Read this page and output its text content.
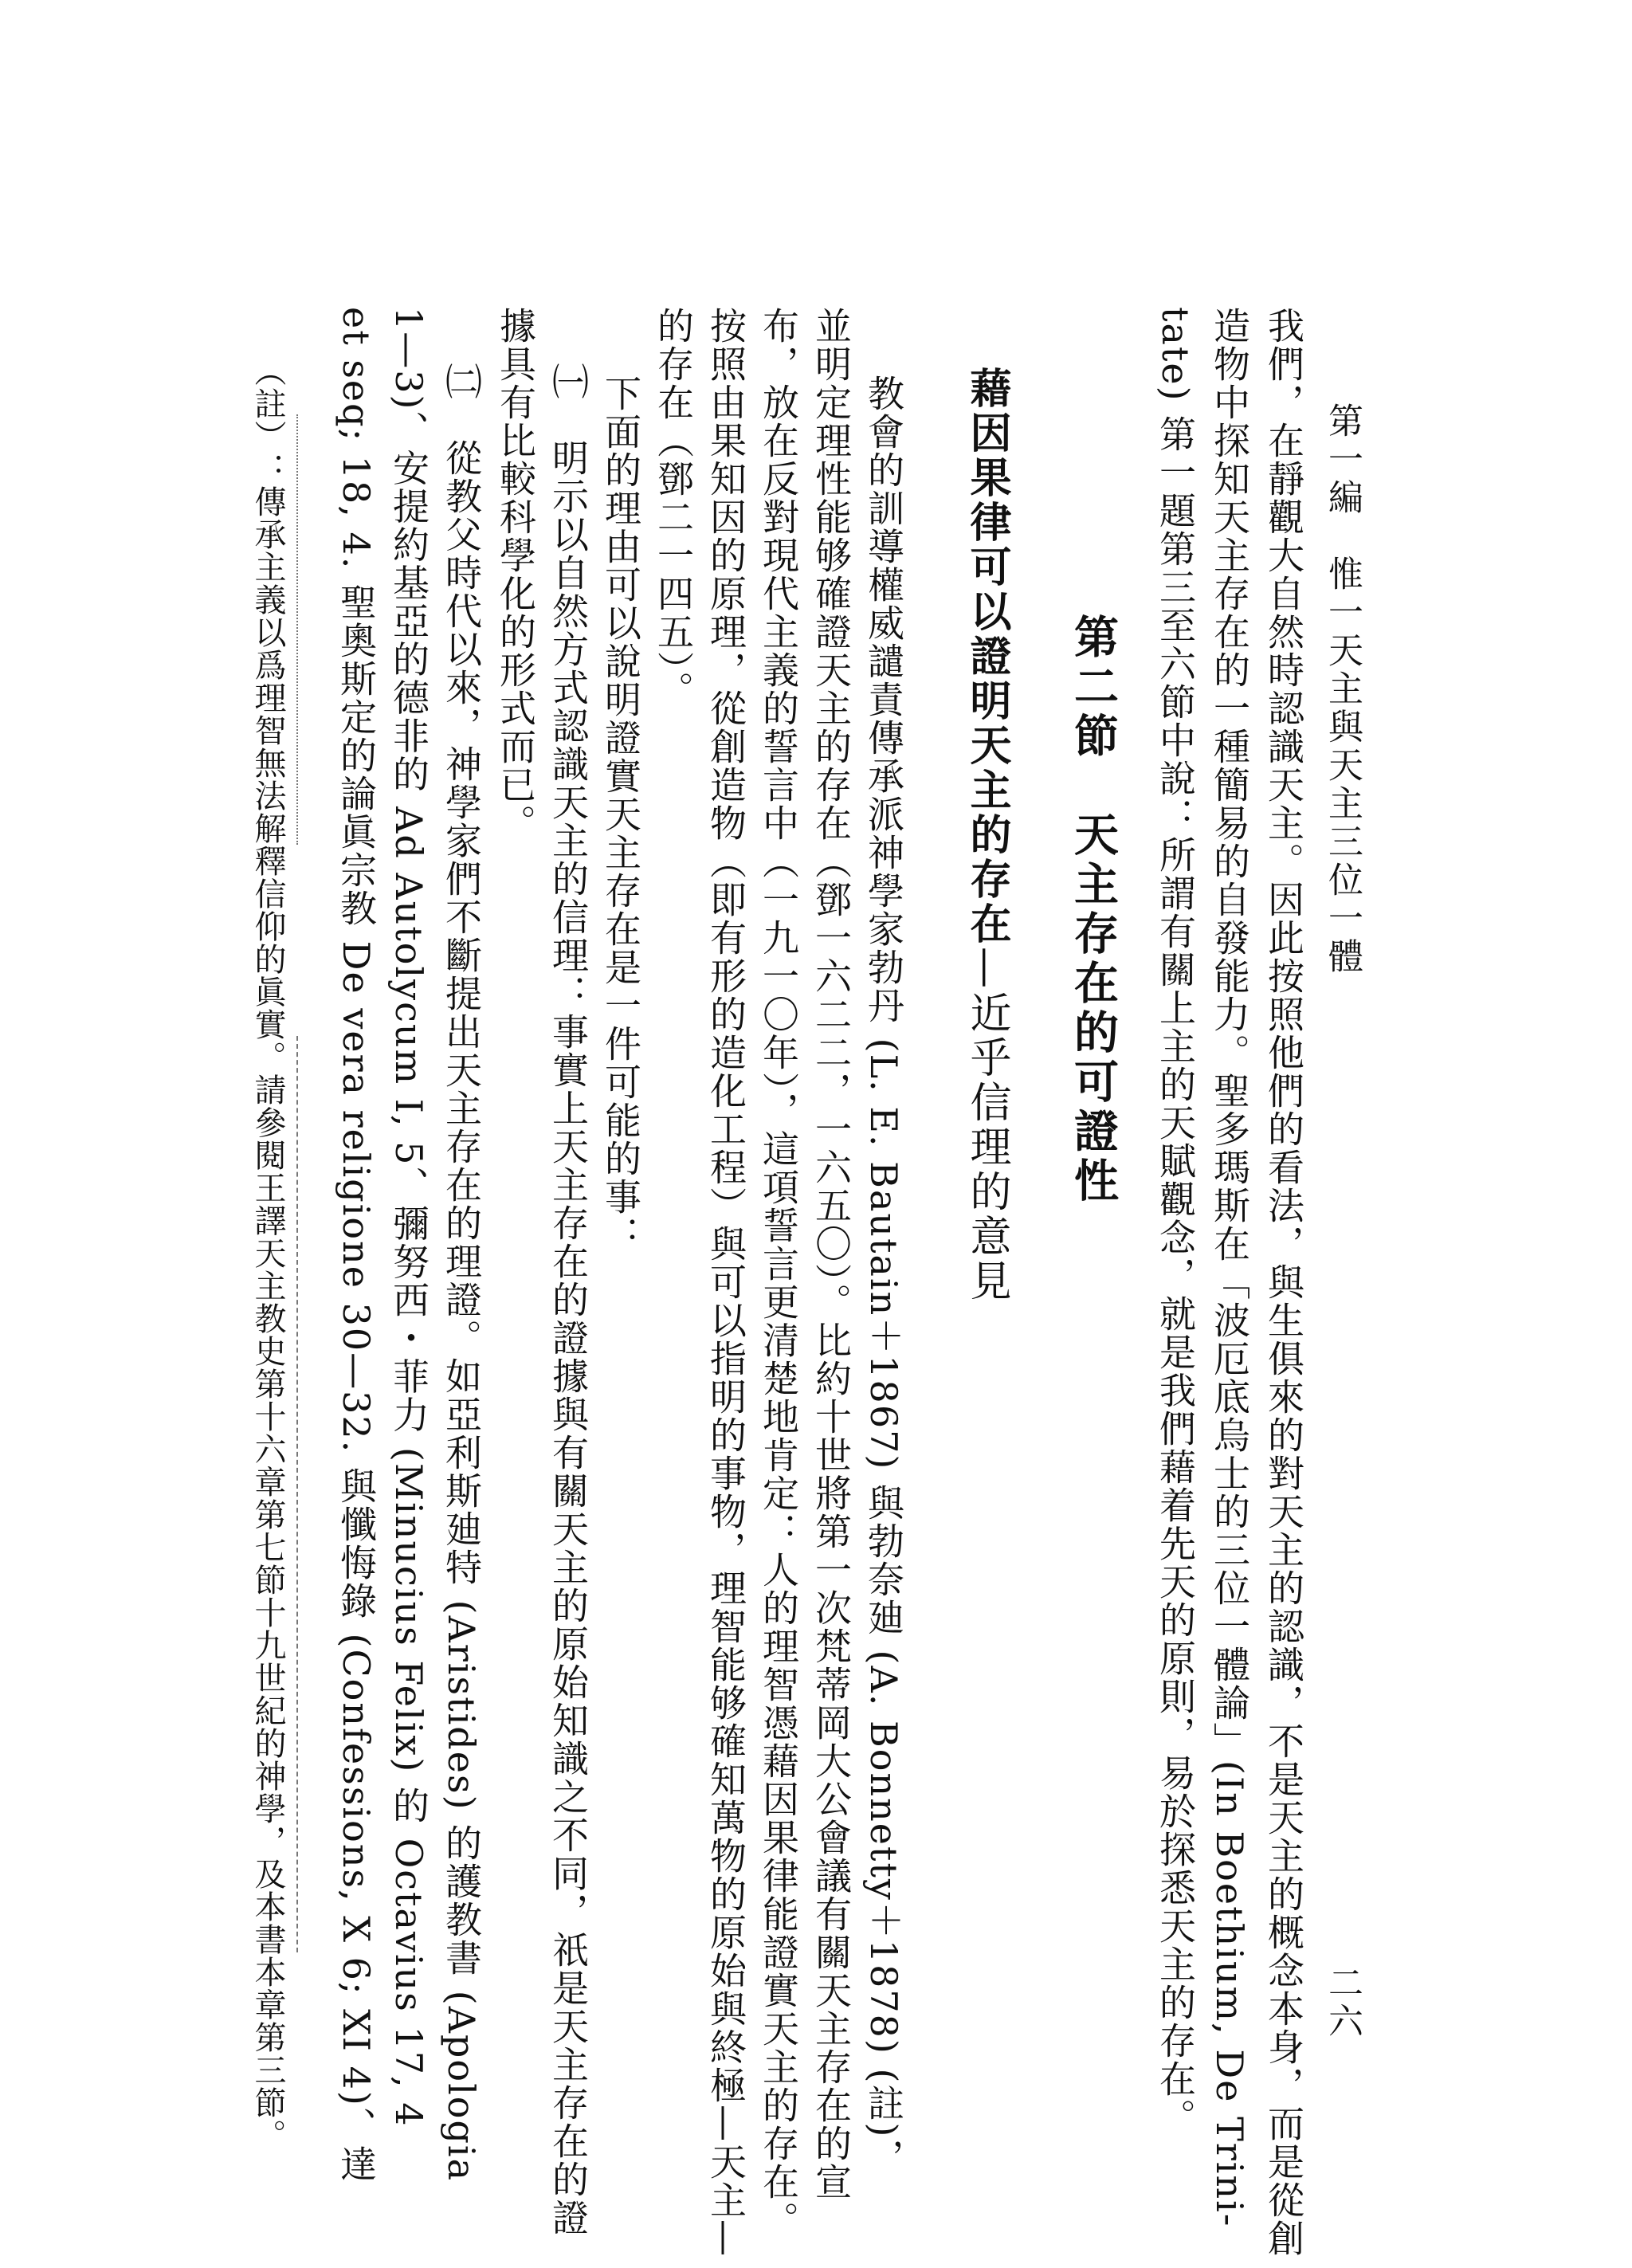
第一編　惟一天主與天主三位一體
二六
我們，在靜觀大自然時認識天主。因此按照他們的看法，與生俱來的對天主的認識，不是天主的概念本身，而是從創
造物中探知天主存在的一種簡易的自發能力。聖多瑪斯在「波厄底烏士的三位一體論」(In Boethium, De Trini-
tate) 第一題第三至六節中說：所謂有關上主的天賦觀念，就是我們藉着先天的原則，易於探悉天主的存在。
第二節　天主存在的可證性
藉因果律可以證明天主的存在—近乎信理的意見
教會的訓導權威譴責傳承派神學家勃丹 (L. E. Bautain＋1867) 與勃奈廸 (A. Bonnetty＋1878) (註)，
並明定理性能够確證天主的存在（鄧一六二二，一六五〇）。比約十世將第一次梵蒂岡大公會議有關天主存在的宣
布，放在反對現代主義的誓言中（一九一〇年），這項誓言更清楚地肯定：人的理智憑藉因果律能證實天主的存在。
按照由果知因的原理，從創造物（即有形的造化工程）與可以指明的事物，理智能够確知萬物的原始與終極—天主—
的存在（鄧二一四五）。
下面的理由可以說明證實天主存在是一件可能的事：
㈠　明示以自然方式認識天主的信理：事實上天主存在的證據與有關天主的原始知識之不同，祇是天主存在的證
據具有比較科學化的形式而已。
㈡　從教父時代以來，神學家們不斷提出天主存在的理證。如亞利斯廸特 (Aristides) 的護教書 (Apologia
1—3)、安提約基亞的德非的 Ad Autolycum I, 5、彌努西・菲力 (Minucius Felix) 的 Octavius 17, 4
et seq; 18, 4. 聖奧斯定的論眞宗教 De vera religione 30—32. 與懺悔錄 (Confessions, X 6; XI 4)、達
（註）：傳承主義以爲理智無法解釋信仰的眞實。請參閱王譯天主教史第十六章第七節十九世紀的神學，及本書本章第三節。
